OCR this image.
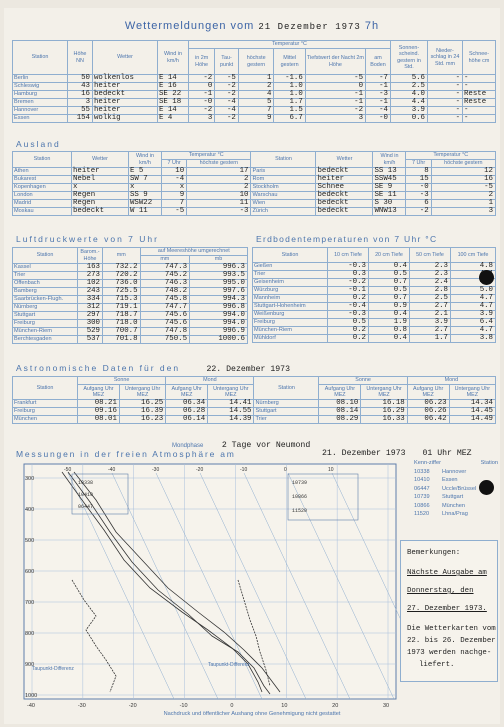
Wettermeldungen vom 21 Dezember 1973 7h
Station	Höhe NN	Wetter	Wind in km/h	Temperatur °C						Sonnen-scheind. gestern in Std.	Nieder-schlag in 24 Std. mm	Schnee-höhe cm
				in 2m Höhe	Tau-punkt	höchste gestern	Mittel gestern	Tiefstwert der Nacht 2m Höhe	am Boden			
Berlin	50	wolkenlos	E 14	-2	-5	1	-1.6	-5	-7	5.6	-	-
Schleswig	43	heiter	E 16	0	-2	2	1.0	0	-1	2.5	-	-
Hamburg	16	bedeckt	SE 22	-1	-2	4	1.0	-1	-3	4.0	-	Reste
Bremen	3	heiter	SE 18	-0	-4	5	1.7	-1	-1	4.4	-	Reste
Hannover	55	heiter	E 14	-2	-4	7	1.5	-2	-4	3.9	-	-
Essen	154	wolkig	E 4	3	-2	9	6.7	3	-0	0.6	-	-
Ausland
Station	Wetter	Wind in km/h	Temperatur °C		Station	Wetter	Wind in km/h	Temperatur °C	
			7 Uhr	höchste gestern				7 Uhr	höchste gestern
Athen	heiter	E 5	10	17	Paris	bedeckt	SS 13	8	12
Bukarest	Nebel	SW 7	-4	2	Rom	heiter	SSW45	15	16
Kopenhagen	x	x	x	2	Stockholm	Schnee	SE 9	-0	-5
London	Regen	SS 9	9	10	Warschau	bedeckt	SE 11	-3	2
Madrid	Regen	WSW22	7	11	Wien	bedeckt	S 30	6	1
Moskau	bedeckt	W 11	-5	-3	Zürich	bedeckt	WNW13	-2	3
Luftdruckwerte von 7 Uhr	Erdbodentemperaturen von 7 Uhr °C
Station	Barom.-Höhe	mm	auf Meereshöhe umgerechnet	
			mm	mb
Kassel	163	732.2	747.3	996.3
Trier	273	720.2	745.2	993.5
Offenbach	102	736.0	746.3	995.0
Bamberg	243	725.5	748.2	997.6
Saarbrücken-Flugh.	334	715.3	745.8	994.3
Nürnberg	312	719.1	747.7	996.8
Stuttgart	297	718.7	745.6	994.0
Freiburg	300	718.0	745.6	994.0
München-Riem	529	700.7	747.8	996.9
Berchtesgaden	537	701.8	750.5	1000.6
Station	10 cm Tiefe	20 cm Tiefe	50 cm Tiefe	100 cm Tiefe
Gießen	-0.3	0.4	2.3	4.8
Trier	0.3	0.5	2.3	
Geisenheim	-0.2	0.7	2.4	
Würzburg	-0.1	0.5	2.8	5.0
Mannheim	0.2	0.7	2.5	4.7
Stuttgart-Hohenheim	-0.4	0.9	2.7	4.7
Weißenburg	-0.3	0.4	2.1	3.9
Freiburg	0.5	1.9	3.9	6.4
München-Riem	0.2	0.8	2.7	4.7
Mühldorf	0.2	0.4	1.7	3.8
Astronomische Daten für den	22. Dezember 1973
Station	Sonne		Mond		Station	Sonne		Mond	
	Aufgang Uhr MEZ	Untergang Uhr MEZ	Aufgang Uhr MEZ	Untergang Uhr MEZ		Aufgang Uhr MEZ	Untergang Uhr MEZ	Aufgang Uhr MEZ	Untergang Uhr MEZ
Frankfurt	08.21	16.25	06.34	14.41	Nürnberg	08.10	16.18	06.23	14.34
Freiburg	09.16	16.39	06.28	14.55	Stuttgart	08.14	16.29	06.26	14.45
München	08.01	16.23	06.14	14.39	Trier	08.29	16.33	06.42	14.49
Mondphase 2 Tage vor Neumond
Messungen in der freien Atmosphäre am	21. Dezember 1973 01 Uhr MEZ
300
400
500
600
700
800
900
1000
-40	-30	-20	-10	0	10	20	30
-50	-40	-30	-20	-10	0	10
10338
10410
06447
10739
10866
11520
Taupunkt-Differenz
Taupunkt-Differenz
Kenn-ziffer	Station
10338	Hannover
10410	Essen
06447	Uccle/Brüssel
10739	Stuttgart
10866	München
11520	Lhna/Prag
Bemerkungen:
Nächste Ausgabe am
Donnerstag, den
27. Dezember 1973.
Die Wetterkarten vom
22. bis 26. Dezember
1973 werden nachge-
liefert.
Nachdruck und öffentlicher Aushang ohne Genehmigung nicht gestattet
